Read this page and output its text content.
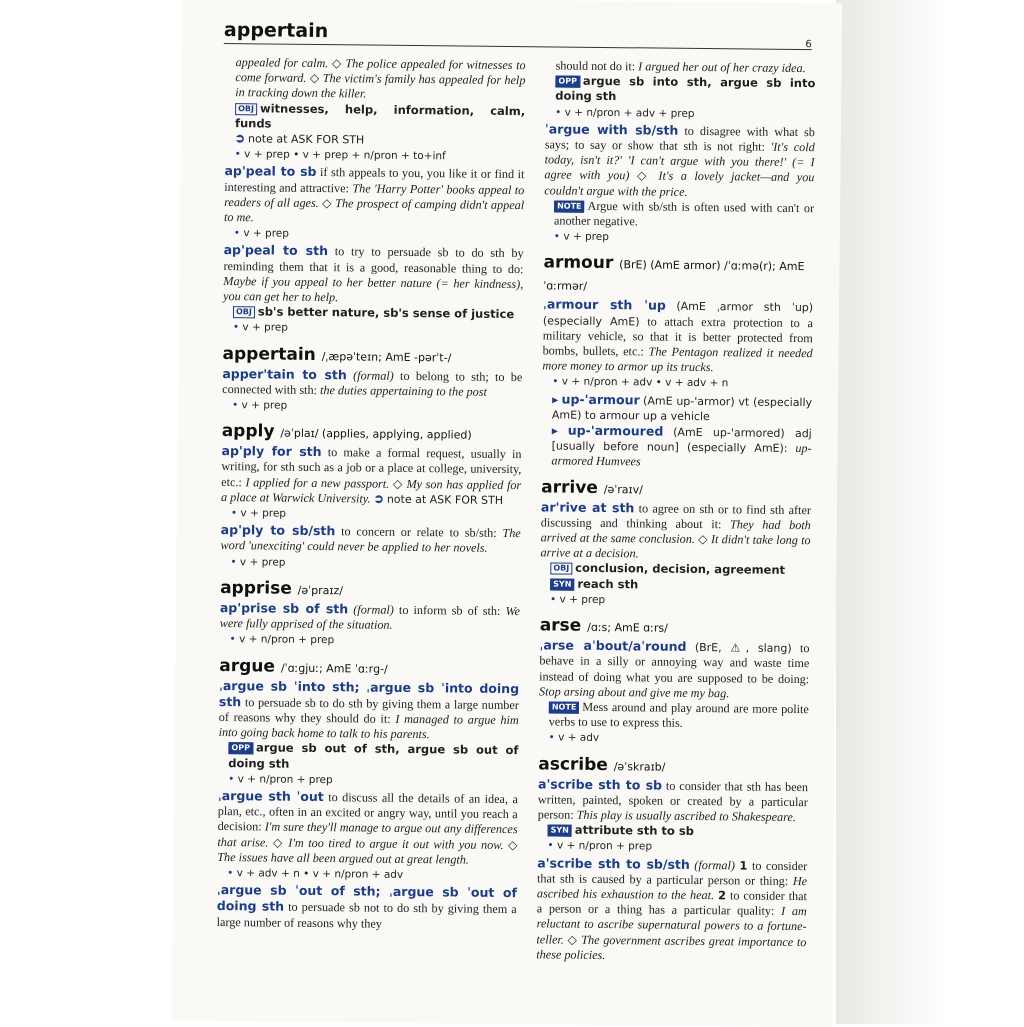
appertain
6

appealed for calm. ◇ The police appealed for witnesses to come forward. ◇ The victim's family has appealed for help in tracking down the killer.

OBJ witnesses, help, information, calm, funds

➲ note at ASK FOR STH

• v + prep • v + prep + n/pron + to+inf

ap'peal to sb if sth appeals to you, you like it or find it interesting and attractive: The 'Harry Potter' books appeal to readers of all ages. ◇ The prospect of camping didn't appeal to me.

• v + prep

ap'peal to sth to try to persuade sb to do sth by reminding them that it is a good, reasonable thing to do: Maybe if you appeal to her better nature (= her kindness), you can get her to help.

OBJ sb's better nature, sb's sense of justice

• v + prep

appertain /ˌæpəˈteɪn; AmE -pərˈt-/

apper'tain to sth (formal) to belong to sth; to be connected with sth: the duties appertaining to the post

• v + prep

apply /əˈplaɪ/ (applies, applying, applied)

ap'ply for sth to make a formal request, usually in writing, for sth such as a job or a place at college, university, etc.: I applied for a new passport. ◇ My son has applied for a place at Warwick University. ➲ note at ASK FOR STH

• v + prep

ap'ply to sb/sth to concern or relate to sb/sth: The word 'unexciting' could never be applied to her novels.

• v + prep

apprise /əˈpraɪz/

ap'prise sb of sth (formal) to inform sb of sth: We were fully apprised of the situation.

• v + n/pron + prep

argue /ˈɑːɡjuː; AmE ˈɑːrɡ-/

ˌargue sb ˈinto sth; ˌargue sb ˈinto doing sth to persuade sb to do sth by giving them a large number of reasons why they should do it: I managed to argue him into going back home to talk to his parents.

OPP argue sb out of sth, argue sb out of doing sth

• v + n/pron + prep

ˌargue sth ˈout to discuss all the details of an idea, a plan, etc., often in an excited or angry way, until you reach a decision: I'm sure they'll manage to argue out any differences that arise. ◇ I'm too tired to argue it out with you now. ◇ The issues have all been argued out at great length.

• v + adv + n • v + n/pron + adv

ˌargue sb ˈout of sth; ˌargue sb ˈout of doing sth to persuade sb not to do sth by giving them a large number of reasons why they

should not do it: I argued her out of her crazy idea.

OPP argue sb into sth, argue sb into doing sth

• v + n/pron + adv + prep

ˈargue with sb/sth to disagree with what sb says; to say or show that sth is not right: 'It's cold today, isn't it?' 'I can't argue with you there!' (= I agree with you) ◇ It's a lovely jacket—and you couldn't argue with the price.

NOTE Argue with sb/sth is often used with can't or another negative.

• v + prep

armour (BrE) (AmE armor) /ˈɑːmə(r); AmE ˈɑːrmər/

ˌarmour sth ˈup (AmE ˌarmor sth ˈup) (especially AmE) to attach extra protection to a military vehicle, so that it is better protected from bombs, bullets, etc.: The Pentagon realized it needed more money to armor up its trucks.

• v + n/pron + adv • v + adv + n

▸ up-'armour (AmE up-'armor) vt (especially AmE) to armour up a vehicle

▸ up-'armoured (AmE up-'armored) adj [usually before noun] (especially AmE): up-armored Humvees

arrive /əˈraɪv/

ar'rive at sth to agree on sth or to find sth after discussing and thinking about it: They had both arrived at the same conclusion. ◇ It didn't take long to arrive at a decision.

OBJ conclusion, decision, agreement

SYN reach sth

• v + prep

arse /ɑːs; AmE ɑːrs/

ˌarse aˈbout/aˈround (BrE, ⚠, slang) to behave in a silly or annoying way and waste time instead of doing what you are supposed to be doing: Stop arsing about and give me my bag.

NOTE Mess around and play around are more polite verbs to use to express this.

• v + adv

ascribe /əˈskraɪb/

a'scribe sth to sb to consider that sth has been written, painted, spoken or created by a particular person: This play is usually ascribed to Shakespeare.

SYN attribute sth to sb

• v + n/pron + prep

a'scribe sth to sb/sth (formal) 1 to consider that sth is caused by a particular person or thing: He ascribed his exhaustion to the heat. 2 to consider that a person or a thing has a particular quality: I am reluctant to ascribe supernatural powers to a fortune-teller. ◇ The government ascribes great importance to these policies.
